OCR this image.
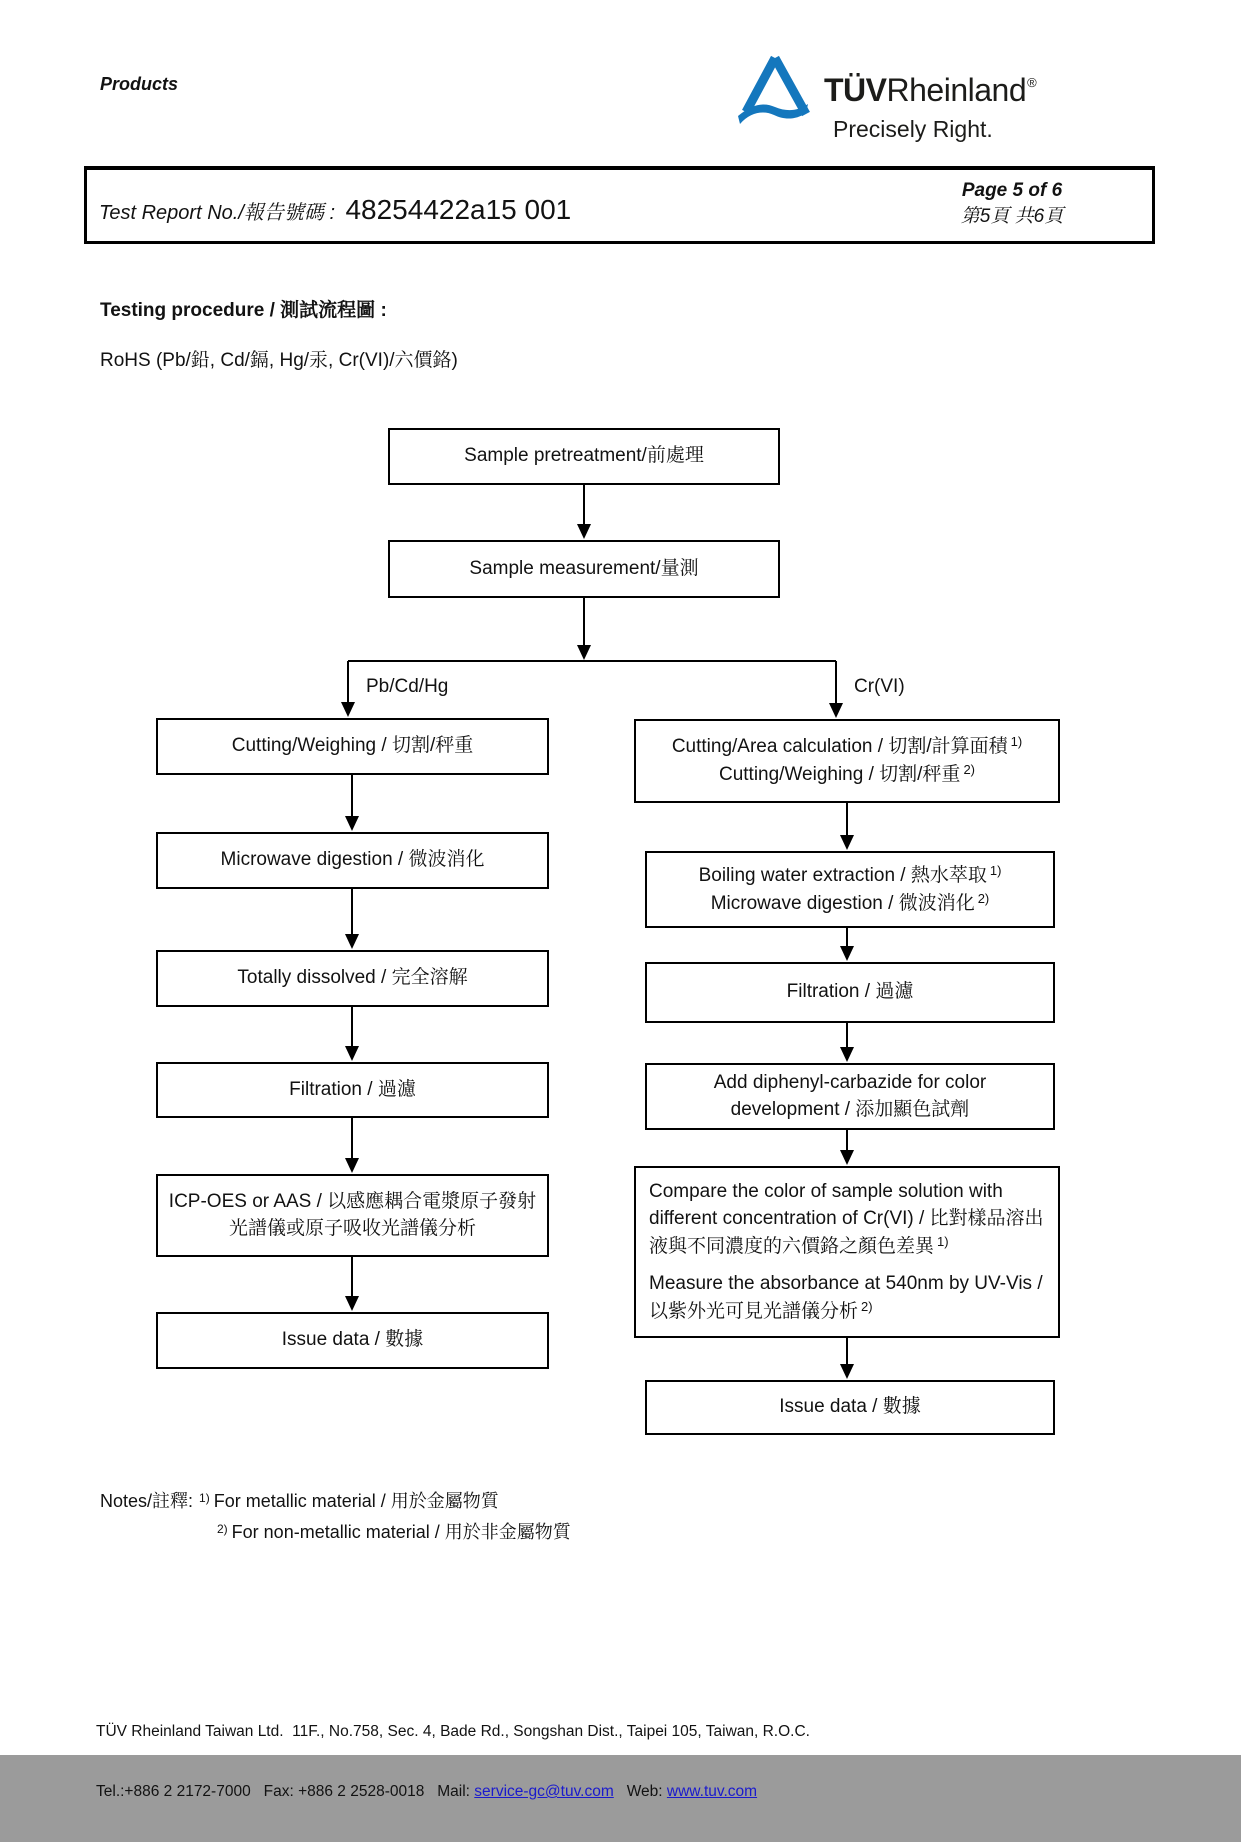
Products	TÜVRheinland®
Precisely Right.
Test Report No./報告號碼 : 48254422a15 001
Page 5 of 6
第5頁 共6頁
Testing procedure / 測試流程圖 :
RoHS (Pb/鉛, Cd/鎘, Hg/汞, Cr(VI)/六價鉻)
Sample pretreatment/前處理
Sample measurement/量測
Pb/Cd/Hg	Cr(VI)
Cutting/Weighing / 切割/秤重
Microwave digestion / 微波消化
Totally dissolved / 完全溶解
Filtration / 過濾
ICP-OES or AAS / 以感應耦合電漿原子發射光譜儀或原子吸收光譜儀分析
Issue data / 數據
Cutting/Area calculation / 切割/計算面積 $^{1)}$
Cutting/Weighing / 切割/秤重 $^{2)}$
Boiling water extraction / 熱水萃取 $^{1)}$
Microwave digestion / 微波消化 $^{2)}$
Filtration / 過濾
Add diphenyl-carbazide for color development / 添加顯色試劑

Compare the color of sample solution with different concentration of Cr(VI) / 比對樣品溶出液與不同濃度的六價鉻之顏色差異 $^{1)}$

Measure the absorbance at 540nm by UV-Vis / 以紫外光可見光譜儀分析 $^{2)}$

Issue data / 數據
Notes/註釋: $^{1)}$ For metallic material / 用於金屬物質
$^{2)}$ For non-metallic material / 用於非金屬物質

TÜV Rheinland Taiwan Ltd.  11F., No.758, Sec. 4, Bade Rd., Songshan Dist., Taipei 105, Taiwan, R.O.C.

Tel.:+886 2 2172-7000   Fax: +886 2 2528-0018   Mail: service-gc@tuv.com   Web: www.tuv.com
